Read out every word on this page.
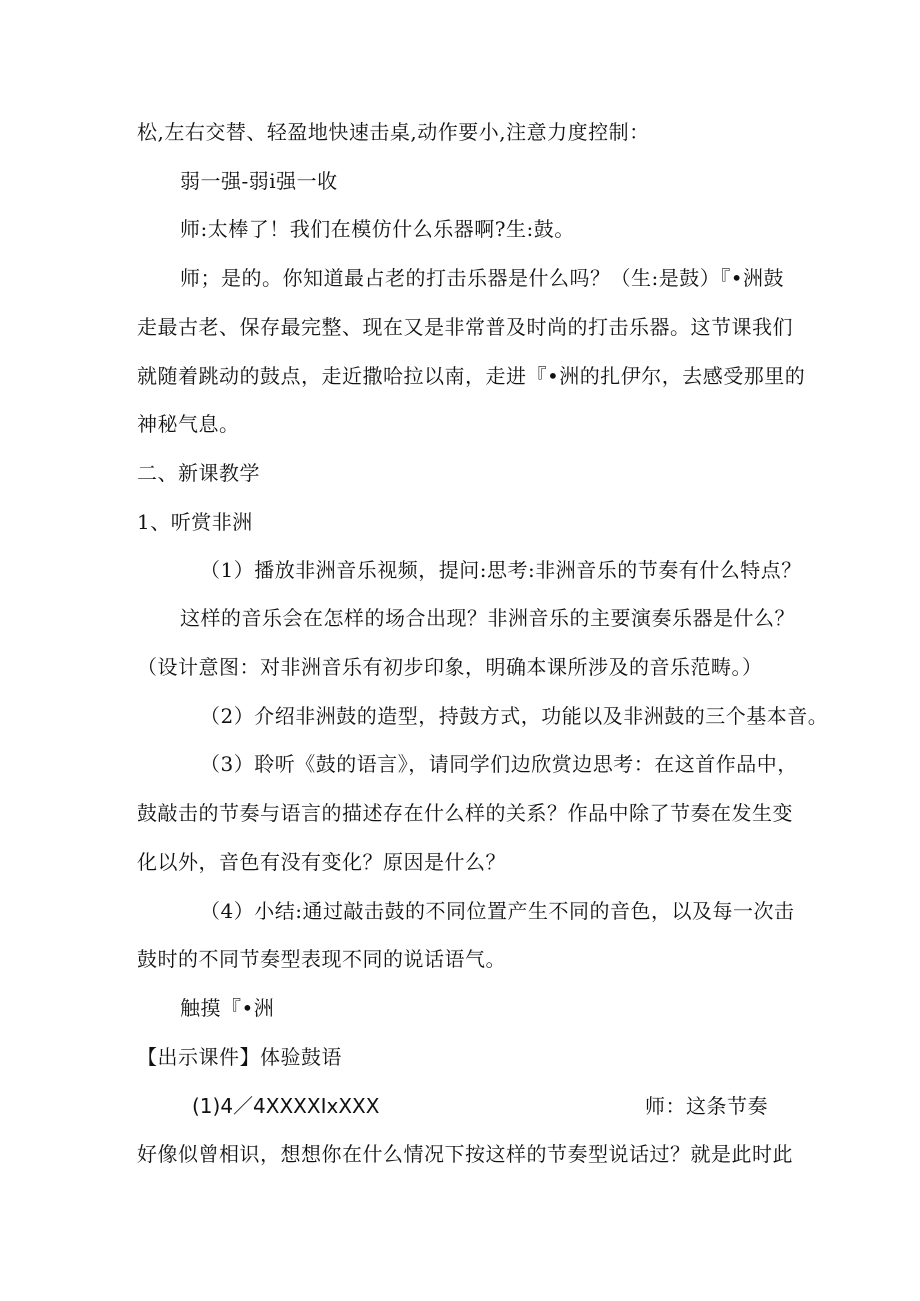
松,左右交替、轻盈地快速击桌,动作要小,注意力度控制：
弱一强-弱i强一收
师:太棒了！我们在模仿什么乐器啊?生:鼓。
师；是的。你知道最占老的打击乐器是什么吗？（生:是鼓）『•洲鼓
走最古老、保存最完整、现在又是非常普及时尚的打击乐器。这节课我们
就随着跳动的鼓点，走近撒哈拉以南，走进『•洲的扎伊尔，去感受那里的
神秘气息。
二、新课教学
1、听赏非洲
（1）播放非洲音乐视频，提问:思考:非洲音乐的节奏有什么特点？
这样的音乐会在怎样的场合出现？非洲音乐的主要演奏乐器是什么？
（设计意图：对非洲音乐有初步印象，明确本课所涉及的音乐范畴。）
（2）介绍非洲鼓的造型，持鼓方式，功能以及非洲鼓的三个基本音。
（3）聆听《鼓的语言》，请同学们边欣赏边思考：在这首作品中，
鼓敲击的节奏与语言的描述存在什么样的关系？作品中除了节奏在发生变
化以外，音色有没有变化？原因是什么？
（4）小结:通过敲击鼓的不同位置产生不同的音色，以及每一次击
鼓时的不同节奏型表现不同的说话语气。
触摸『•洲
【出示课件】体验鼓语
(1)4／4XXXXIxXXX	师：这条节奏
好像似曾相识，想想你在什么情况下按这样的节奏型说话过？就是此时此
